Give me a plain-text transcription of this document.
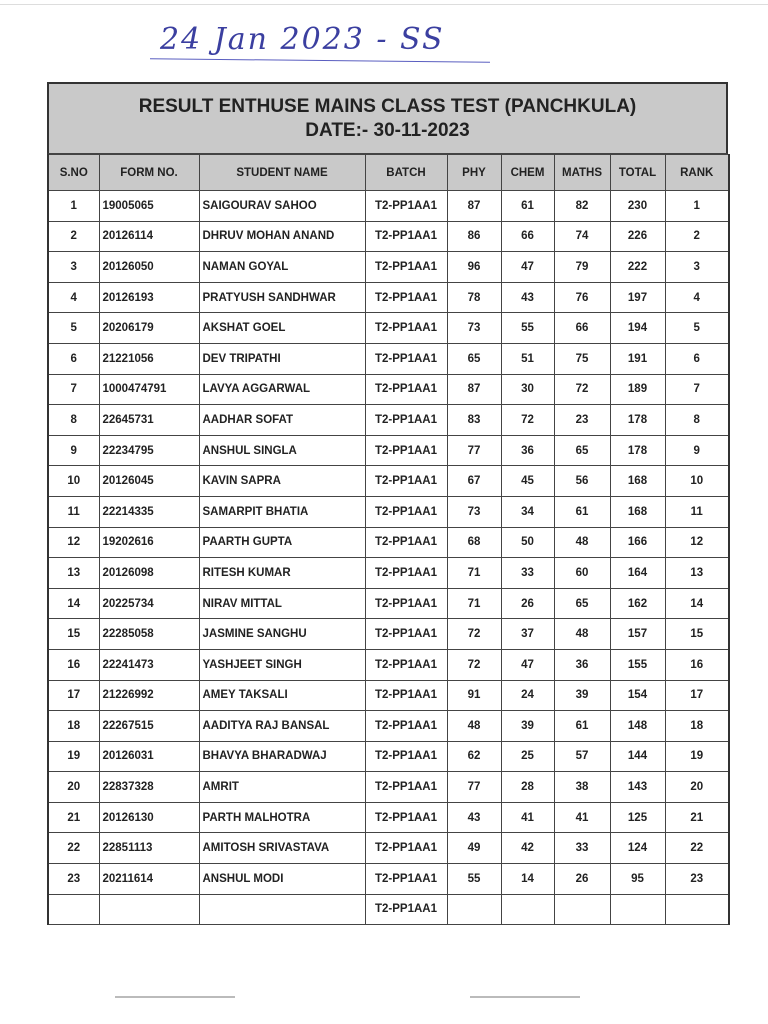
24 Jan 2023 - SS
RESULT ENTHUSE MAINS CLASS TEST (PANCHKULA)
DATE:- 30-11-2023
S.NO	FORM NO.	STUDENT NAME	BATCH	PHY	CHEM	MATHS	TOTAL	RANK
1	19005065	SAIGOURAV SAHOO	T2-PP1AA1	87	61	82	230	1
2	20126114	DHRUV MOHAN ANAND	T2-PP1AA1	86	66	74	226	2
3	20126050	NAMAN GOYAL	T2-PP1AA1	96	47	79	222	3
4	20126193	PRATYUSH SANDHWAR	T2-PP1AA1	78	43	76	197	4
5	20206179	AKSHAT GOEL	T2-PP1AA1	73	55	66	194	5
6	21221056	DEV TRIPATHI	T2-PP1AA1	65	51	75	191	6
7	1000474791	LAVYA AGGARWAL	T2-PP1AA1	87	30	72	189	7
8	22645731	AADHAR SOFAT	T2-PP1AA1	83	72	23	178	8
9	22234795	ANSHUL SINGLA	T2-PP1AA1	77	36	65	178	9
10	20126045	KAVIN SAPRA	T2-PP1AA1	67	45	56	168	10
11	22214335	SAMARPIT BHATIA	T2-PP1AA1	73	34	61	168	11
12	19202616	PAARTH GUPTA	T2-PP1AA1	68	50	48	166	12
13	20126098	RITESH KUMAR	T2-PP1AA1	71	33	60	164	13
14	20225734	NIRAV MITTAL	T2-PP1AA1	71	26	65	162	14
15	22285058	JASMINE SANGHU	T2-PP1AA1	72	37	48	157	15
16	22241473	YASHJEET SINGH	T2-PP1AA1	72	47	36	155	16
17	21226992	AMEY TAKSALI	T2-PP1AA1	91	24	39	154	17
18	22267515	AADITYA RAJ BANSAL	T2-PP1AA1	48	39	61	148	18
19	20126031	BHAVYA BHARADWAJ	T2-PP1AA1	62	25	57	144	19
20	22837328	AMRIT	T2-PP1AA1	77	28	38	143	20
21	20126130	PARTH MALHOTRA	T2-PP1AA1	43	41	41	125	21
22	22851113	AMITOSH SRIVASTAVA	T2-PP1AA1	49	42	33	124	22
23	20211614	ANSHUL MODI	T2-PP1AA1	55	14	26	95	23
			T2-PP1AA1					
